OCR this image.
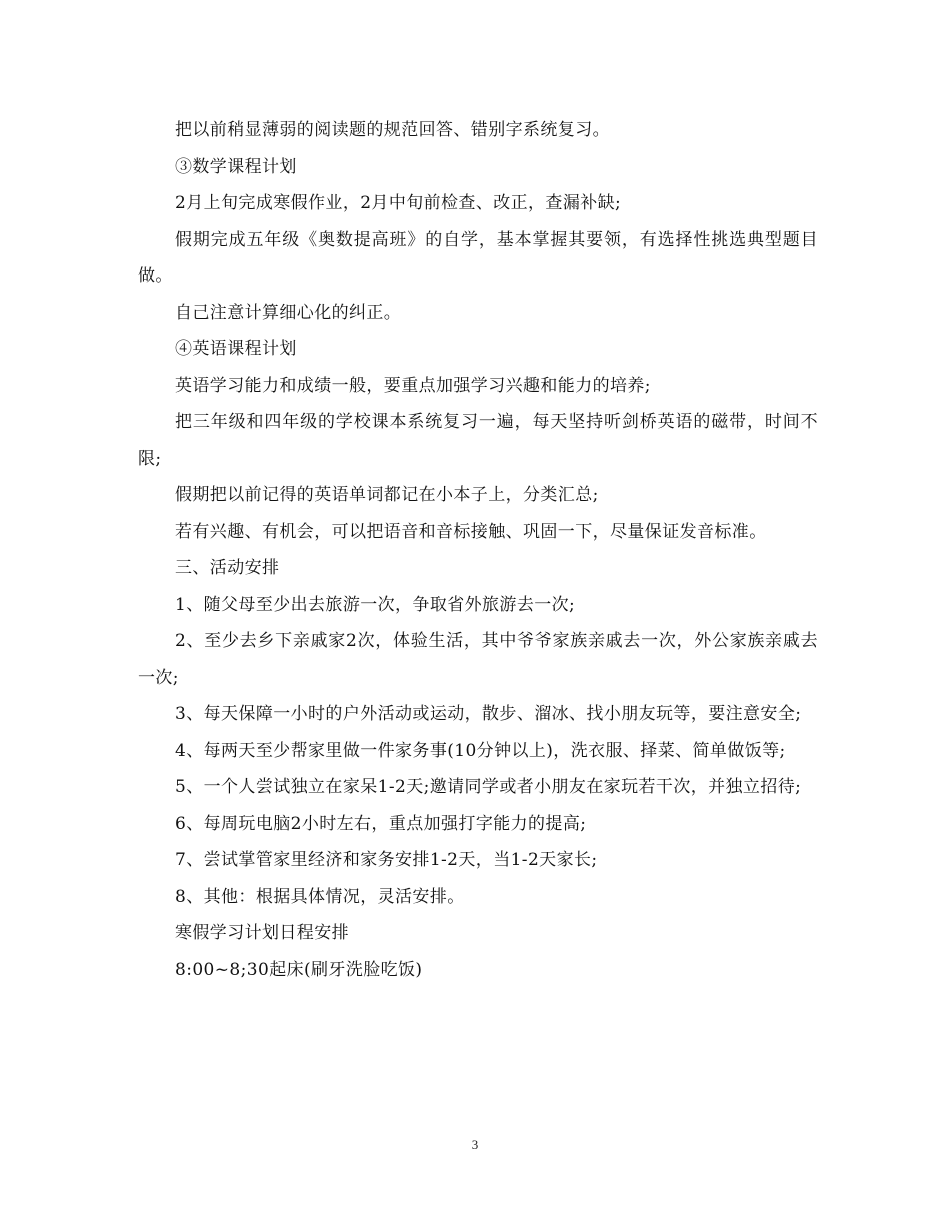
把以前稍显薄弱的阅读题的规范回答、错别字系统复习。

③数学课程计划

2月上旬完成寒假作业，2月中旬前检查、改正，查漏补缺;

假期完成五年级《奥数提高班》的自学，基本掌握其要领，有选择性挑选典型题目做。

自己注意计算细心化的纠正。

④英语课程计划

英语学习能力和成绩一般，要重点加强学习兴趣和能力的培养;

把三年级和四年级的学校课本系统复习一遍，每天坚持听剑桥英语的磁带，时间不限;

假期把以前记得的英语单词都记在小本子上，分类汇总;

若有兴趣、有机会，可以把语音和音标接触、巩固一下，尽量保证发音标准。

三、活动安排

1、随父母至少出去旅游一次，争取省外旅游去一次;

2、至少去乡下亲戚家2次，体验生活，其中爷爷家族亲戚去一次，外公家族亲戚去一次;

3、每天保障一小时的户外活动或运动，散步、溜冰、找小朋友玩等，要注意安全;

4、每两天至少帮家里做一件家务事(10分钟以上)，洗衣服、择菜、简单做饭等;

5、一个人尝试独立在家呆1-2天;邀请同学或者小朋友在家玩若干次，并独立招待;

6、每周玩电脑2小时左右，重点加强打字能力的提高;

7、尝试掌管家里经济和家务安排1-2天，当1-2天家长;

8、其他：根据具体情况，灵活安排。

寒假学习计划日程安排

8:00~8;30起床(刷牙洗脸吃饭)

3
